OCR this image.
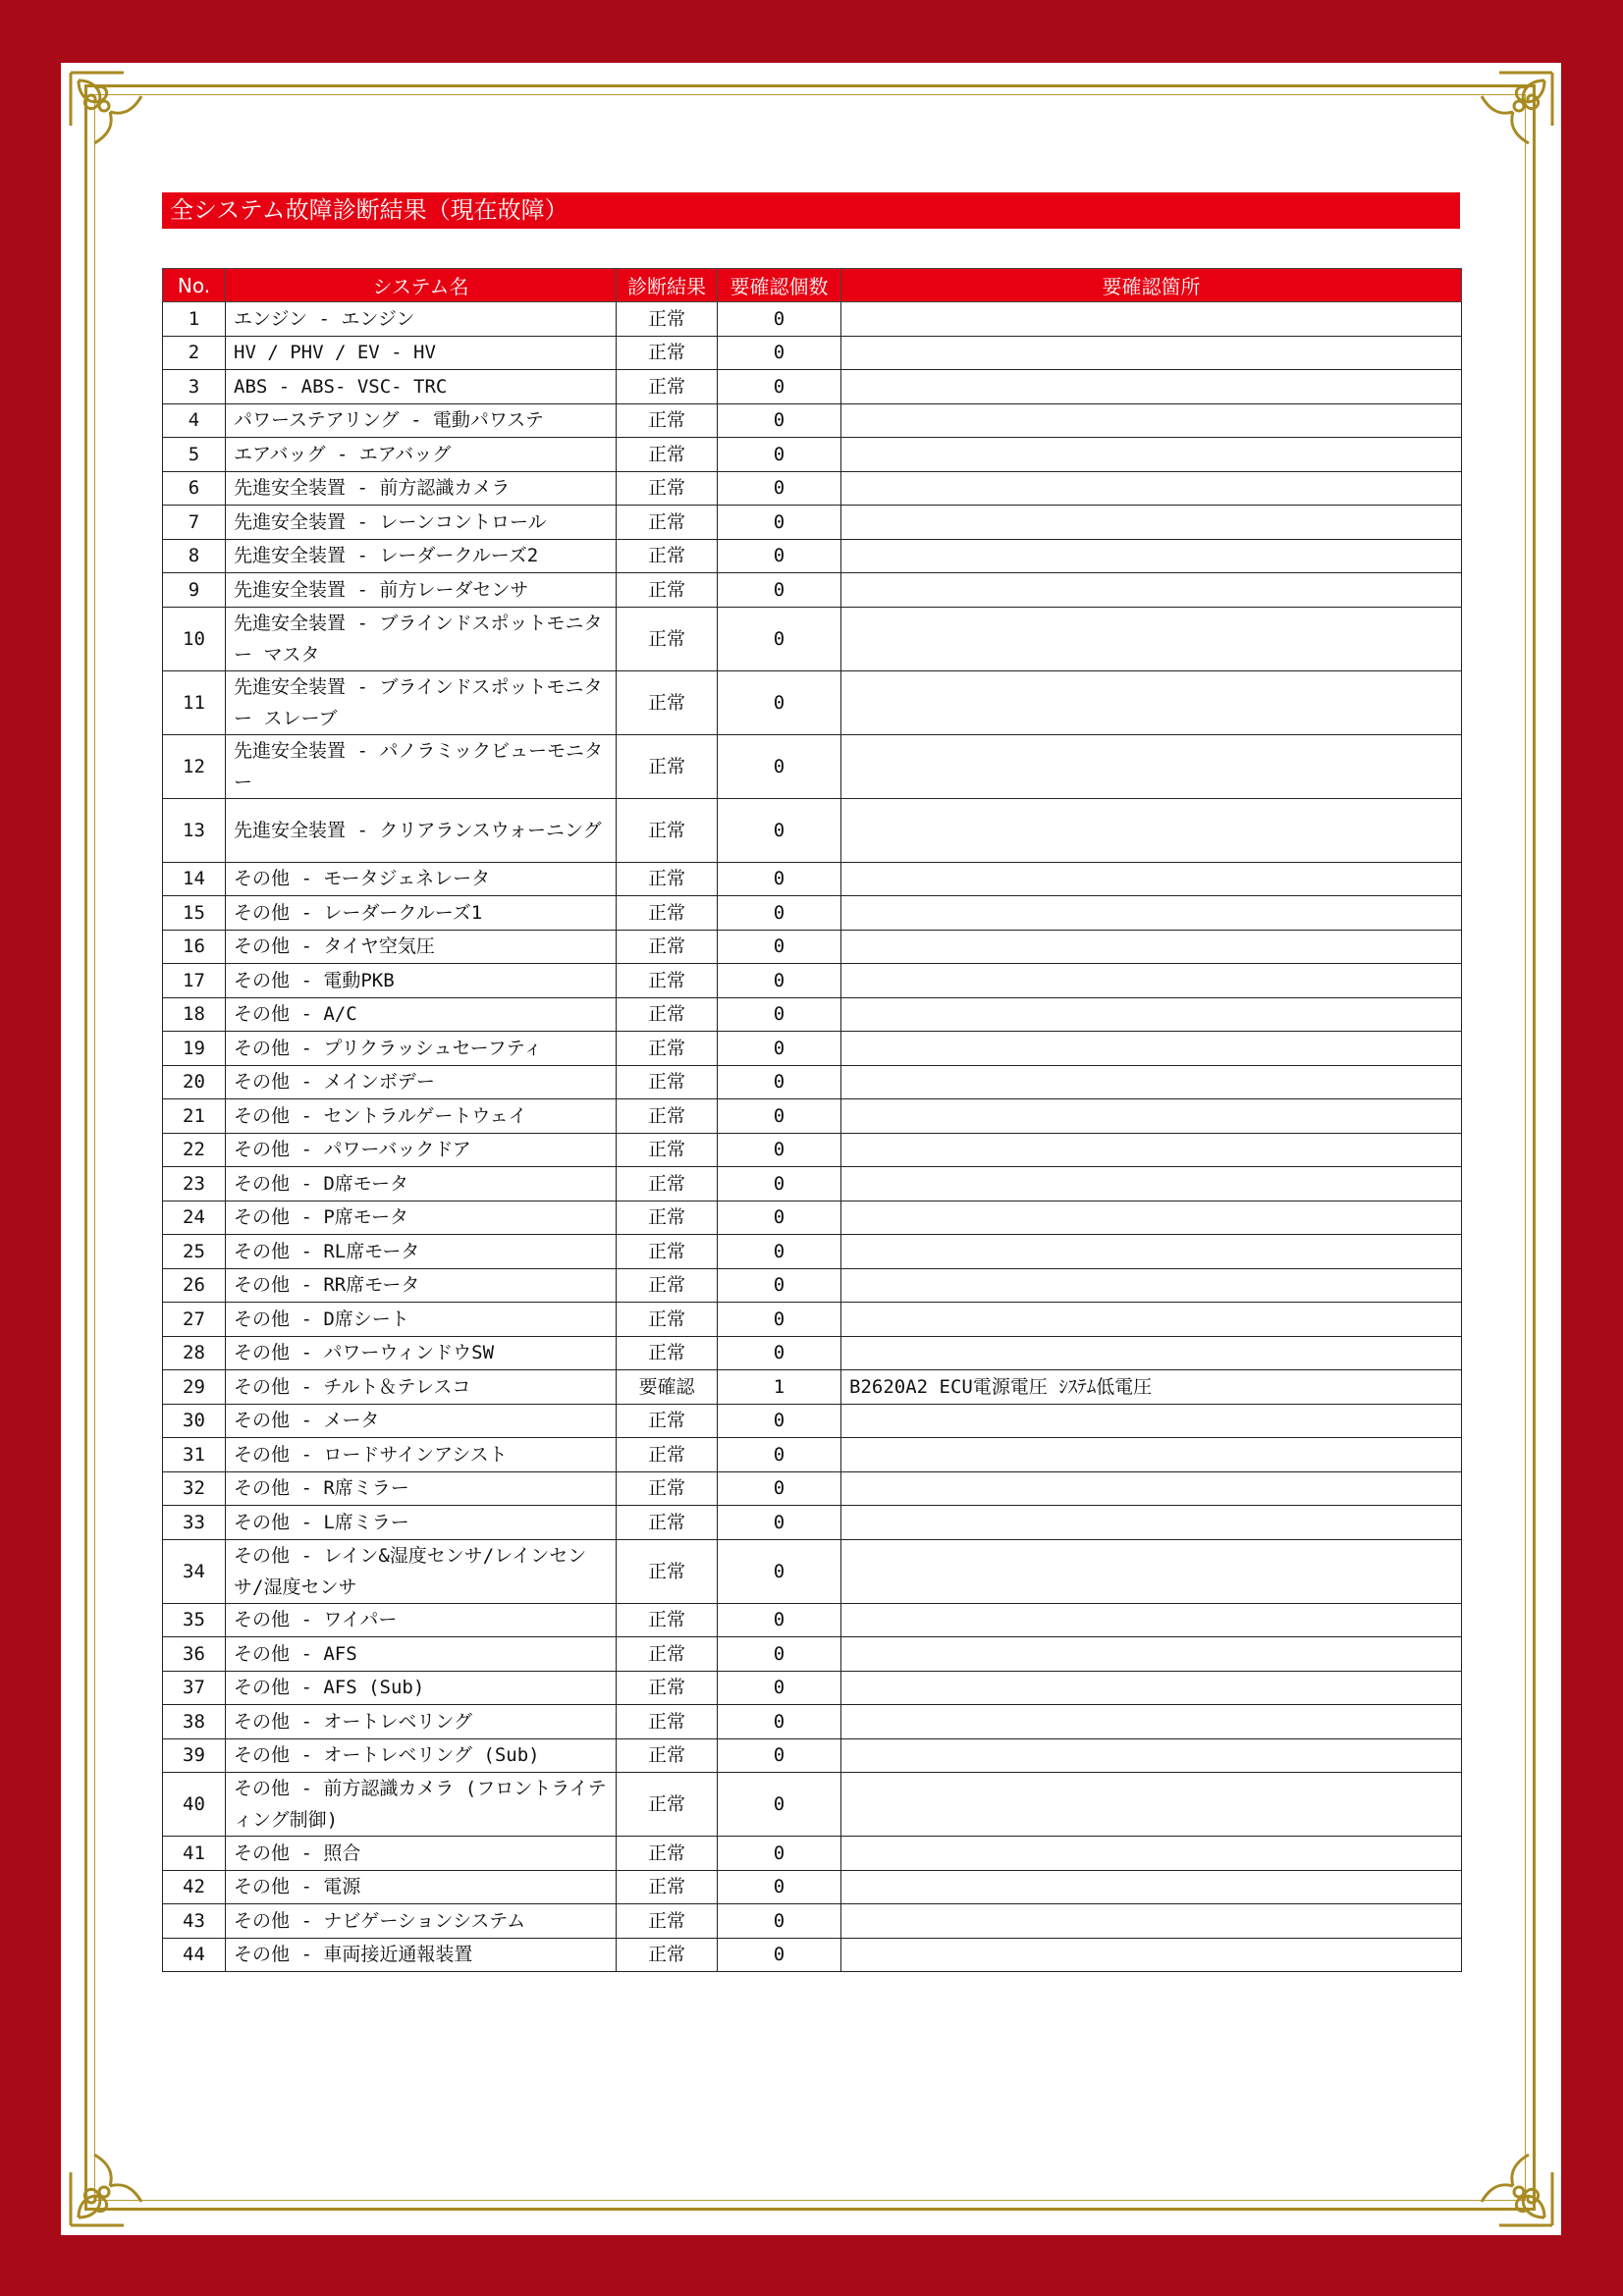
全システム故障診断結果（現在故障）
No.	システム名	診断結果	要確認個数	要確認箇所
1	エンジン - エンジン	正常	0	
2	HV / PHV / EV - HV	正常	0	
3	ABS - ABS- VSC- TRC	正常	0	
4	パワーステアリング - 電動パワステ	正常	0	
5	エアバッグ - エアバッグ	正常	0	
6	先進安全装置 - 前方認識カメラ	正常	0	
7	先進安全装置 - レーンコントロール	正常	0	
8	先進安全装置 - レーダークルーズ2	正常	0	
9	先進安全装置 - 前方レーダセンサ	正常	0	
10	先進安全装置 - ブラインドスポットモニター マスタ	正常	0	
11	先進安全装置 - ブラインドスポットモニター スレーブ	正常	0	
12	先進安全装置 - パノラミックビューモニター	正常	0	
13	先進安全装置 - クリアランスウォーニング	正常	0	
14	その他 - モータジェネレータ	正常	0	
15	その他 - レーダークルーズ1	正常	0	
16	その他 - タイヤ空気圧	正常	0	
17	その他 - 電動PKB	正常	0	
18	その他 - A/C	正常	0	
19	その他 - プリクラッシュセーフティ	正常	0	
20	その他 - メインボデー	正常	0	
21	その他 - セントラルゲートウェイ	正常	0	
22	その他 - パワーバックドア	正常	0	
23	その他 - D席モータ	正常	0	
24	その他 - P席モータ	正常	0	
25	その他 - RL席モータ	正常	0	
26	その他 - RR席モータ	正常	0	
27	その他 - D席シート	正常	0	
28	その他 - パワーウィンドウSW	正常	0	
29	その他 - チルト＆テレスコ	要確認	1	B2620A2 ECU電源電圧 ｼｽﾃﾑ低電圧
30	その他 - メータ	正常	0	
31	その他 - ロードサインアシスト	正常	0	
32	その他 - R席ミラー	正常	0	
33	その他 - L席ミラー	正常	0	
34	その他 - レイン&湿度センサ/レインセンサ/湿度センサ	正常	0	
35	その他 - ワイパー	正常	0	
36	その他 - AFS	正常	0	
37	その他 - AFS (Sub)	正常	0	
38	その他 - オートレベリング	正常	0	
39	その他 - オートレベリング (Sub)	正常	0	
40	その他 - 前方認識カメラ (フロントライティング制御)	正常	0	
41	その他 - 照合	正常	0	
42	その他 - 電源	正常	0	
43	その他 - ナビゲーションシステム	正常	0	
44	その他 - 車両接近通報装置	正常	0	
